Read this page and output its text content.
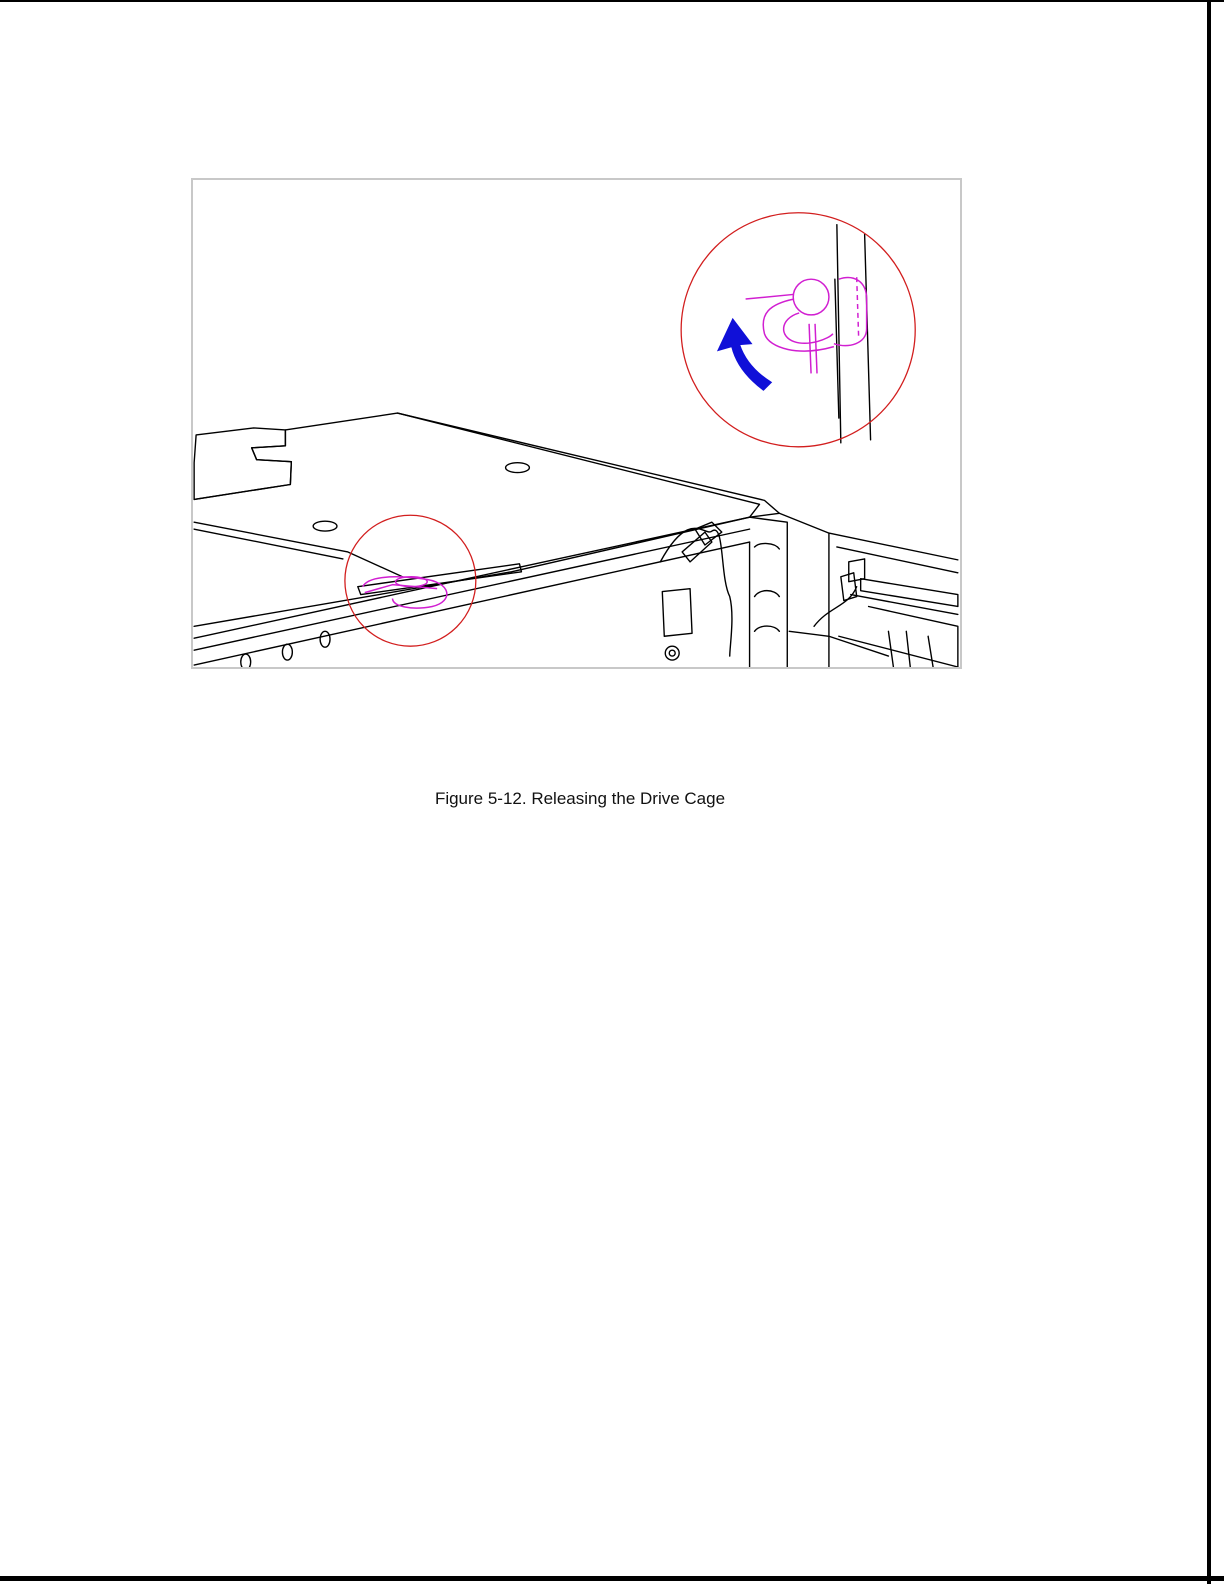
Figure 5-12. Releasing the Drive Cage
